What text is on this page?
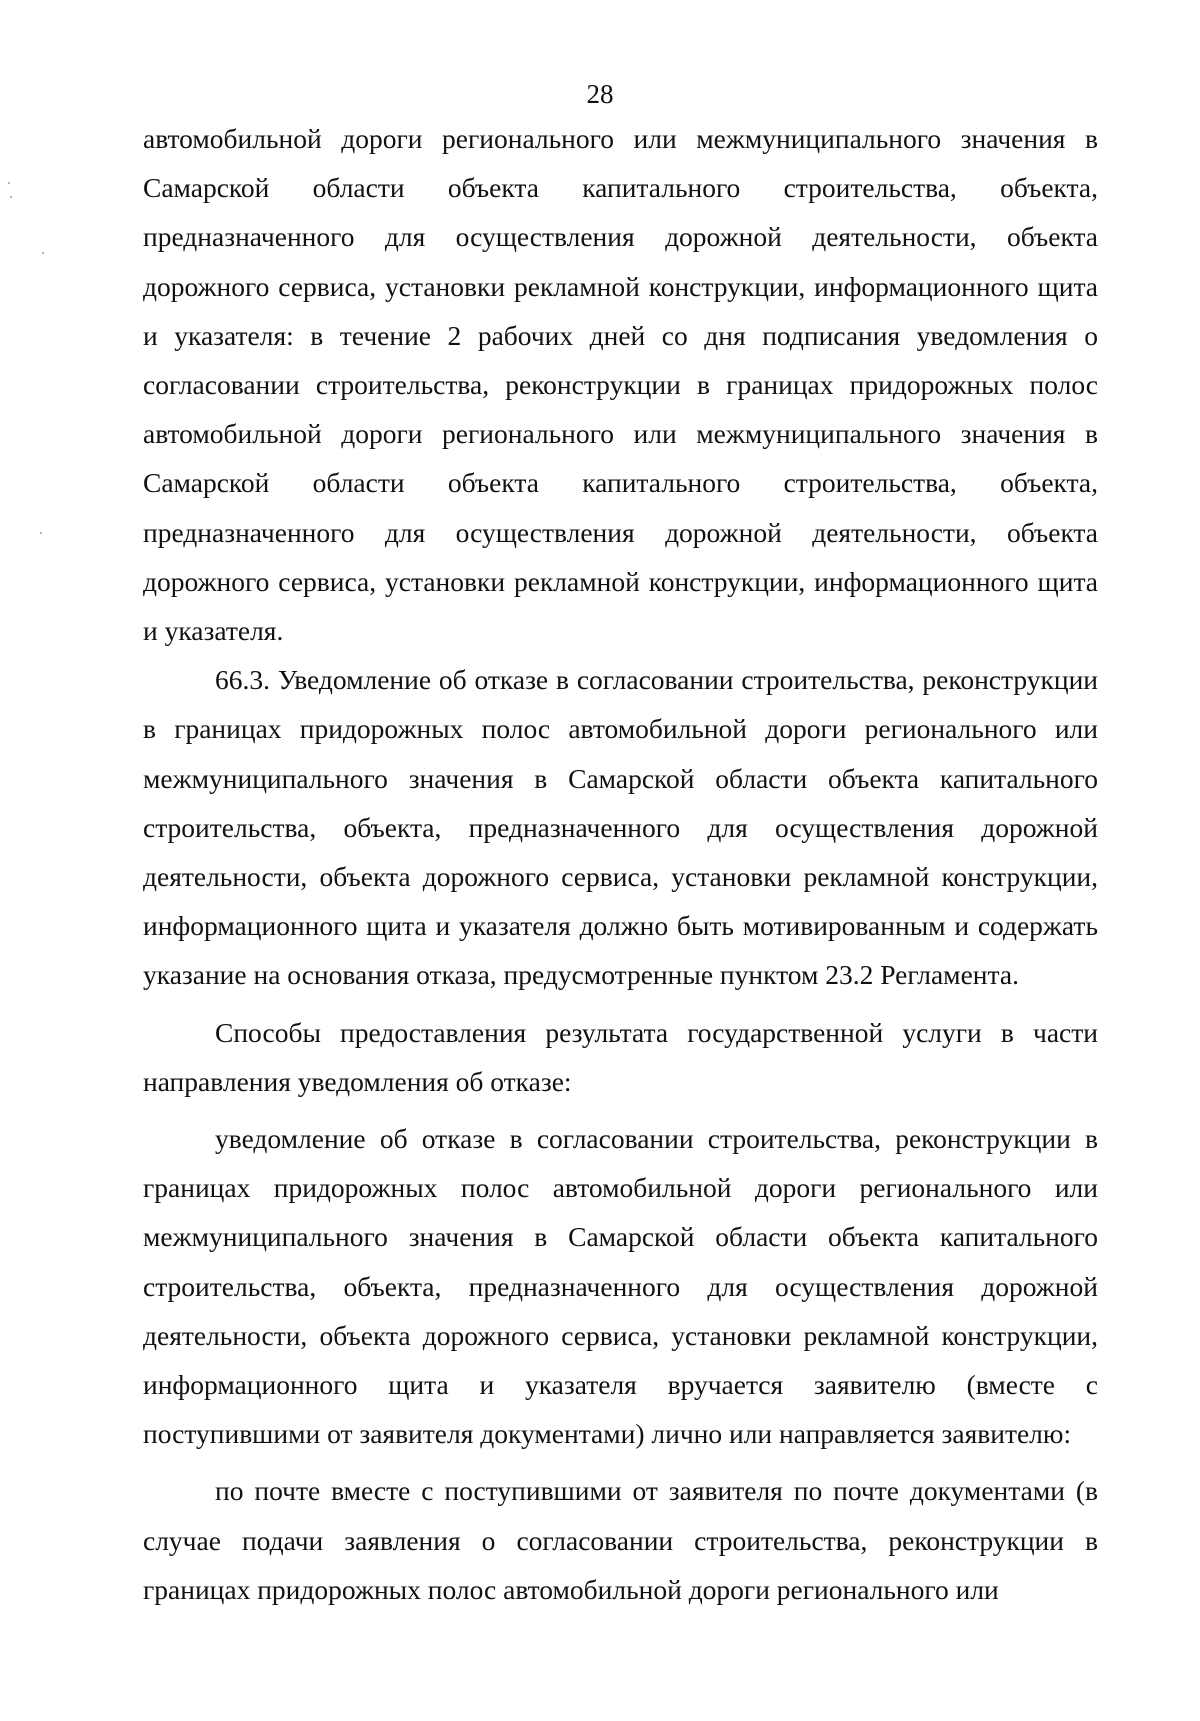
28

автомобильной дороги регионального или межмуниципального значения в Самарской области объекта капитального строительства, объекта, предназначенного для осуществления дорожной деятельности, объекта дорожного сервиса, установки рекламной конструкции, информационного щита и указателя: в течение 2 рабочих дней со дня подписания уведомления о согласовании строительства, реконструкции в границах придорожных полос автомобильной дороги регионального или межмуниципального значения в Самарской области объекта капитального строительства, объекта, предназначенного для осуществления дорожной деятельности, объекта дорожного сервиса, установки рекламной конструкции, информационного щита и указателя.

66.3. Уведомление об отказе в согласовании строительства, реконструкции в границах придорожных полос автомобильной дороги регионального или межмуниципального значения в Самарской области объекта капитального строительства, объекта, предназначенного для осуществления дорожной деятельности, объекта дорожного сервиса, установки рекламной конструкции, информационного щита и указателя должно быть мотивированным и содержать указание на основания отказа, предусмотренные пунктом 23.2 Регламента.

Способы предоставления результата государственной услуги в части направления уведомления об отказе:

уведомление об отказе в согласовании строительства, реконструкции в границах придорожных полос автомобильной дороги регионального или межмуниципального значения в Самарской области объекта капитального строительства, объекта, предназначенного для осуществления дорожной деятельности, объекта дорожного сервиса, установки рекламной конструкции, информационного щита и указателя вручается заявителю (вместе с поступившими от заявителя документами) лично или направляется заявителю:

по почте вместе с поступившими от заявителя по почте документами (в случае подачи заявления о согласовании строительства, реконструкции в границах придорожных полос автомобильной дороги регионального или
